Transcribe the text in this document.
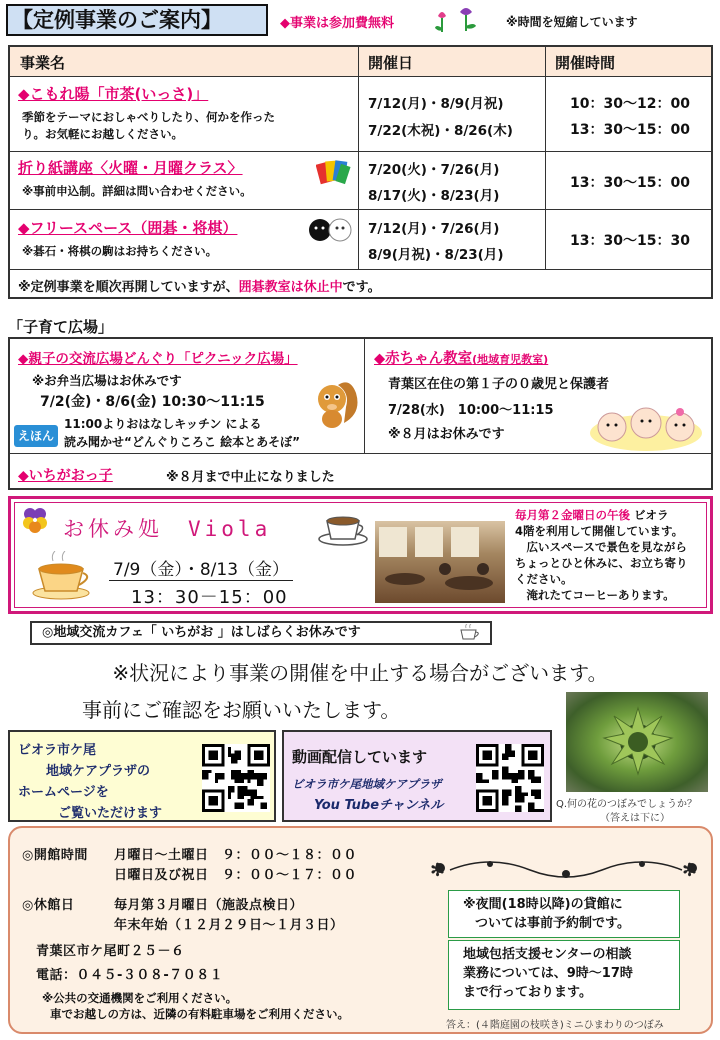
【定例事業のご案内】	◆事業は参加費無料	※時間を短縮しています
事業名	開催日	開催時間
◆こもれ陽「市茶(いっさ)」
季節をテーマにおしゃべりしたり、何かを作った
り。お気軽にお越しください。
7/12(月)・8/9(月祝)
7/22(木祝)・8/26(木)
10：30～12：00
13：30～15：00
折り紙講座〈火曜・月曜クラス〉
※事前申込制。詳細は問い合わせください。
7/20(火)・7/26(月)
8/17(火)・8/23(月)
13：30～15：00
◆フリースペース（囲碁・将棋）
※碁石・将棋の駒はお持ちください。
7/12(月)・7/26(月)
8/9(月祝)・8/23(月)
13：30～15：30
※定例事業を順次再開していますが、囲碁教室は休止中です。
「子育て広場」
◆親子の交流広場どんぐり「ピクニック広場」
※お弁当広場はお休みです
7/2(金)・8/6(金) 10:30～11:15
えほん
11:00よりおはなしキッチン による
読み聞かせ“どんぐりころこ 絵本とあそぼ”
◆赤ちゃん教室(地域育児教室)
青葉区在住の第１子の０歳児と保護者
7/28(水)　10:00～11:15
※８月はお休みです
◆いちがおっ子	※８月まで中止になりました
お休み処　Viola
7/9（金）・8/13（金）
13：30－15：00
毎月第２金曜日の午後 ビオラ
4階を利用して開催しています。
　広いスペースで景色を見ながら
ちょっとひと休みに、お立ち寄り
ください。
　淹れたてコーヒーあります。
◎地域交流カフェ「 いちがお 」はしばらくお休みです
※状況により事業の開催を中止する場合がございます。
事前にご確認をお願いいたします。
ビオラ市ケ尾
地域ケアプラザの
ホームページを
ご覧いただけます
動画配信しています
ビオラ市ケ尾地域ケアプラザ
You Tubeチャンネル	Q.何の花のつぼみでしょうか？
（答えは下に）
◎開館時間 月曜日～土曜日　９：００～１８：００
日曜日及び祝日　９：００～１７：００
◎休館日	毎月第３月曜日（施設点検日）
年末年始（１２月２９日～１月３日）
青葉区市ケ尾町２５－６
電話：０４５-３０８-７０８１
※公共の交通機関をご利用ください。
車でお越しの方は、近隣の有料駐車場をご利用ください。
✻	✻
※夜間(18時以降)の貸館に
ついては事前予約制です。
地域包括支援センターの相談
業務については、9時～17時
まで行っております。
答え：(４階庭園の枝咲き)ミニひまわりのつぼみ
